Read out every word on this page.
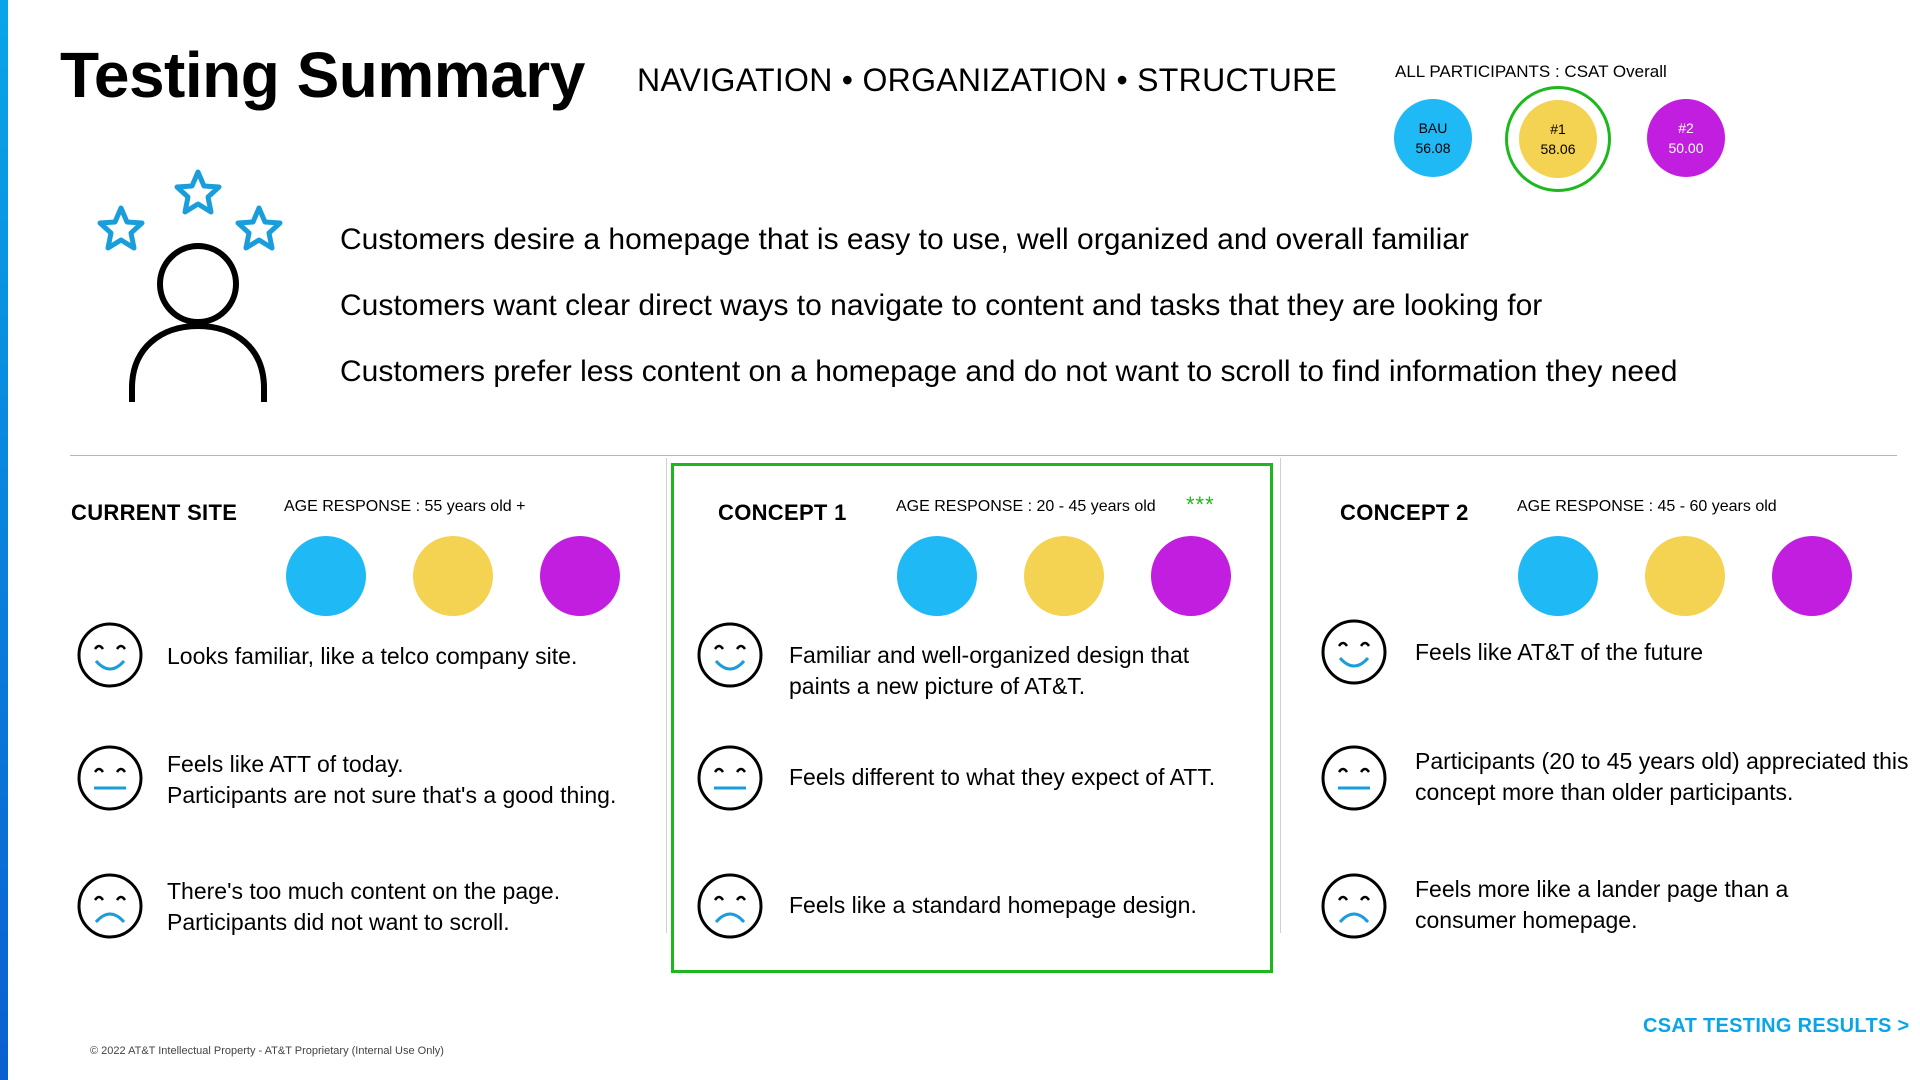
Testing Summary NAVIGATION • ORGANIZATION • STRUCTURE	ALL PARTICIPANTS : CSAT Overall
BAU
56.08
#1
58.06
#2
50.00
Customers desire a homepage that is easy to use, well organized and overall familiar
Customers want clear direct ways to navigate to content and tasks that they are looking for
Customers prefer less content on a homepage and do not want to scroll to find information they need
CURRENT SITE	AGE RESPONSE : 55 years old +
Looks familiar, like a telco company site.
Feels like ATT of today.
Participants are not sure that's a good thing.
There's too much content on the page.
Participants did not want to scroll.
CONCEPT 1	AGE RESPONSE : 20 - 45 years old ***
Familiar and well-organized design that paints a new picture of AT&T.
Feels different to what they expect of ATT.
Feels like a standard homepage design.
CONCEPT 2	AGE RESPONSE : 45 - 60 years old
Feels like AT&T of the future
Participants (20 to 45 years old) appreciated this concept more than older participants.
Feels more like a lander page than a consumer homepage.
© 2022 AT&T Intellectual Property - AT&T Proprietary (Internal Use Only)
CSAT TESTING RESULTS >
